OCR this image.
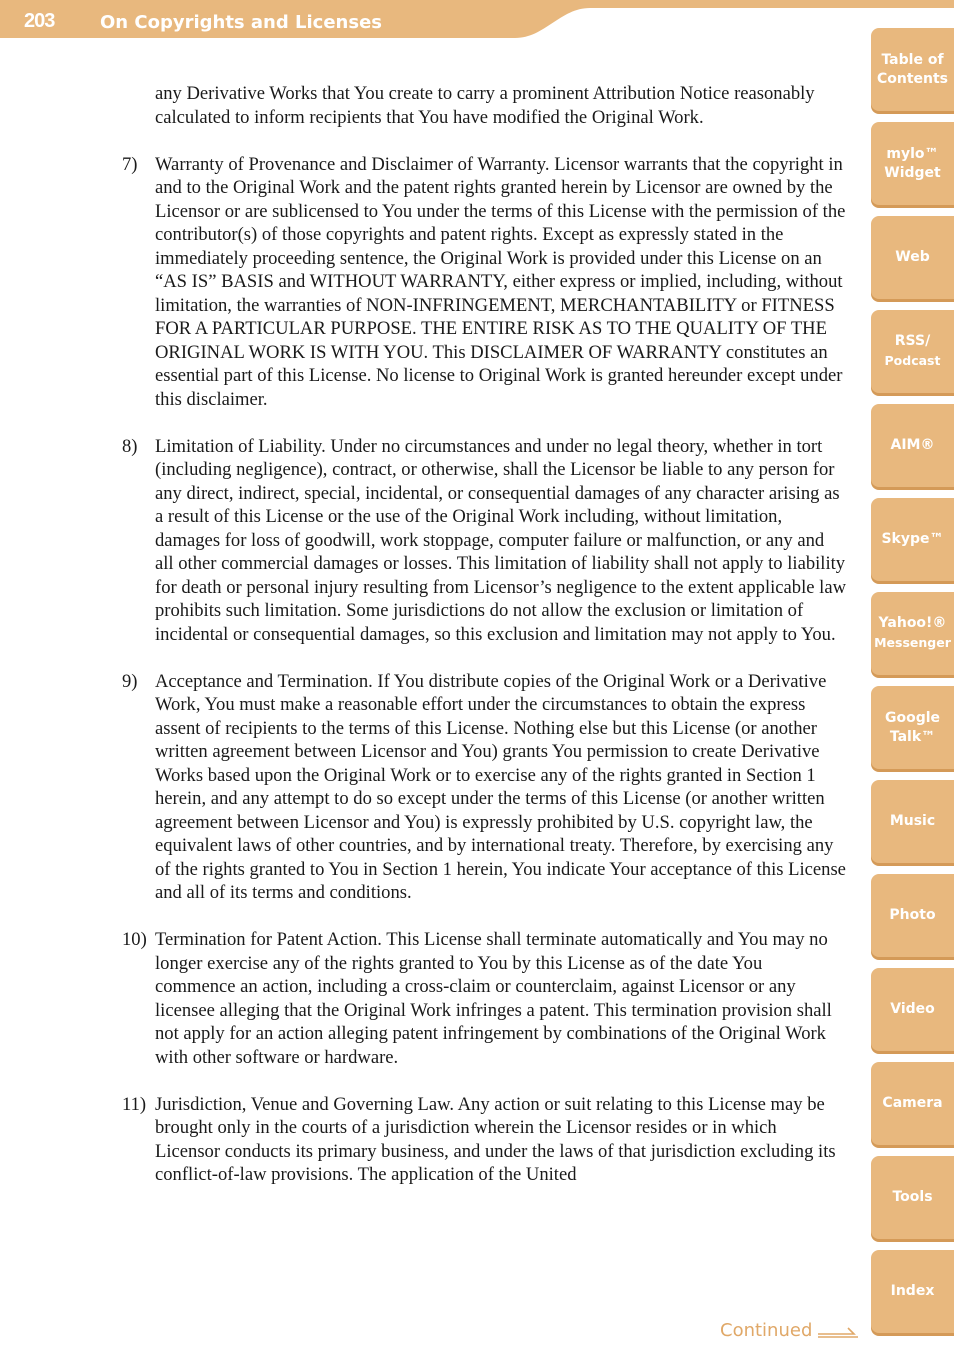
203	On Copyrights and Licenses

any Derivative Works that You create to carry a prominent Attribution Notice reasonably calculated to inform recipients that You have modified the Original Work.

7) Warranty of Provenance and Disclaimer of Warranty. Licensor warrants that the copyright in and to the Original Work and the patent rights granted herein by Licensor are owned by the Licensor or are sublicensed to You under the terms of this License with the permission of the contributor(s) of those copyrights and patent rights. Except as expressly stated in the immediately proceeding sentence, the Original Work is provided under this License on an “AS IS” BASIS and WITHOUT WARRANTY, either express or implied, including, without limitation, the warranties of NON-INFRINGEMENT, MERCHANTABILITY or FITNESS FOR A PARTICULAR PURPOSE. THE ENTIRE RISK AS TO THE QUALITY OF THE ORIGINAL WORK IS WITH YOU. This DISCLAIMER OF WARRANTY constitutes an essential part of this License. No license to Original Work is granted hereunder except under this disclaimer.
8) Limitation of Liability. Under no circumstances and under no legal theory, whether in tort (including negligence), contract, or otherwise, shall the Licensor be liable to any person for any direct, indirect, special, incidental, or consequential damages of any character arising as a result of this License or the use of the Original Work including, without limitation, damages for loss of goodwill, work stoppage, computer failure or malfunction, or any and all other commercial damages or losses. This limitation of liability shall not apply to liability for death or personal injury resulting from Licensor’s negligence to the extent applicable law prohibits such limitation. Some jurisdictions do not allow the exclusion or limitation of incidental or consequential damages, so this exclusion and limitation may not apply to You.
9) Acceptance and Termination. If You distribute copies of the Original Work or a Derivative Work, You must make a reasonable effort under the circumstances to obtain the express assent of recipients to the terms of this License. Nothing else but this License (or another written agreement between Licensor and You) grants You permission to create Derivative Works based upon the Original Work or to exercise any of the rights granted in Section 1 herein, and any attempt to do so except under the terms of this License (or another written agreement between Licensor and You) is expressly prohibited by U.S. copyright law, the equivalent laws of other countries, and by international treaty. Therefore, by exercising any of the rights granted to You in Section 1 herein, You indicate Your acceptance of this License and all of its terms and conditions.
10) Termination for Patent Action. This License shall terminate automatically and You may no longer exercise any of the rights granted to You by this License as of the date You commence an action, including a cross-claim or counterclaim, against Licensor or any licensee alleging that the Original Work infringes a patent. This termination provision shall not apply for an action alleging patent infringement by combinations of the Original Work with other software or hardware.
11) Jurisdiction, Venue and Governing Law. Any action or suit relating to this License may be brought only in the courts of a jurisdiction wherein the Licensor resides or in which Licensor conducts its primary business, and under the laws of that jurisdiction excluding its conflict-of-law provisions. The application of the United
Table of
Contents
mylo™
Widget
Web
RSS/
Podcast
AIM®
Skype™
Yahoo!®
Messenger
Google
Talk™
Music
Photo
Video
Camera
Tools
Index
Continued
